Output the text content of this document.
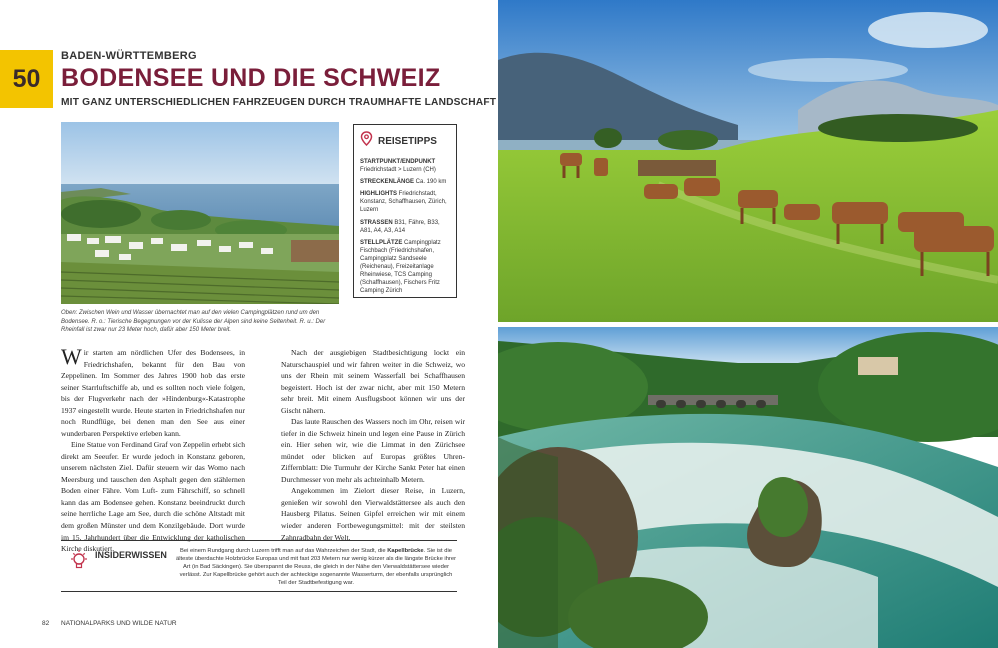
50
BADEN-WÜRTTEMBERG
BODENSEE UND DIE SCHWEIZ
MIT GANZ UNTERSCHIEDLICHEN FAHRZEUGEN DURCH TRAUMHAFTE LANDSCHAFT
Oben: Zwischen Wein und Wasser übernachtet man auf den vielen Campingplätzen rund um den Bodensee. R. o.: Tierische Begegnungen vor der Kulisse der Alpen sind keine Seltenheit. R. u.: Der Rheinfall ist zwar nur 23 Meter hoch, dafür aber 150 Meter breit.
REISETIPPS
STARTPUNKT/ENDPUNKT Friedrichstadt > Luzern (CH)
STRECKENLÄNGE Ca. 190 km
HIGHLIGHTS Friedrichstadt, Konstanz, Schaffhausen, Zürich, Luzern
STRASSEN B31, Fähre, B33, A81, A4, A3, A14
STELLPLÄTZE Campingplatz Fischbach (Friedrichshafen, Campingplatz Sandseele (Reichenau), Freizeitanlage Rheinwiese, TCS Camping (Schaffhausen), Fischers Fritz Camping Zürich

Wir starten am nördlichen Ufer des Bodensees, in Friedrichshafen, bekannt für den Bau von Zeppelinen. Im Sommer des Jahres 1900 hob das erste seiner Starrluftschiffe ab, und es sollten noch viele folgen, bis der Flugverkehr nach der »Hindenburg«-Katastrophe 1937 eingestellt wurde. Heute starten in Friedrichshafen nur noch Rundflüge, bei denen man den See aus einer wunderbaren Perspektive erleben kann.

Eine Statue von Ferdinand Graf von Zeppelin erhebt sich direkt am Seeufer. Er wurde jedoch in Konstanz geboren, unserem nächsten Ziel. Dafür steuern wir das Womo nach Meersburg und tauschen den Asphalt gegen den stählernen Boden einer Fähre. Vom Luft- zum Fährschiff, so schnell kann das am Bodensee gehen. Konstanz beeindruckt durch seine herrliche Lage am See, durch die schöne Altstadt mit dem großen Münster und dem Konzilgebäude. Dort wurde im 15. Jahrhundert über die Entwicklung der katholischen Kirche diskutiert.

Nach der ausgiebigen Stadtbesichtigung lockt ein Naturschauspiel und wir fahren weiter in die Schweiz, wo uns der Rhein mit seinem Wasserfall bei Schaffhausen begeistert. Hoch ist der zwar nicht, aber mit 150 Metern sehr breit. Mit einem Ausflugsboot können wir uns der Gischt nähern.

Das laute Rauschen des Wassers noch im Ohr, reisen wir tiefer in die Schweiz hinein und legen eine Pause in Zürich ein. Hier sehen wir, wie die Limmat in den Zürichsee mündet oder blicken auf Europas größtes Uhren-Ziffernblatt: Die Turmuhr der Kirche Sankt Peter hat einen Durchmesser von mehr als achteinhalb Metern.

Angekommen im Zielort dieser Reise, in Luzern, genießen wir sowohl den Vierwaldstättersee als auch den Hausberg Pilatus. Seinen Gipfel erreichen wir mit einem wieder anderen Fortbewegungsmittel: mit der steilsten Zahnradbahn der Welt.

INSIDERWISSEN	Bei einem Rundgang durch Luzern trifft man auf das Wahrzeichen der Stadt, die Kapellbrücke. Sie ist die älteste überdachte Holzbrücke Europas und mit fast 203 Metern nur wenig kürzer als die längste Brücke ihrer Art (in Bad Säckingen). Sie überspannt die Reuss, die gleich in der Nähe den Vierwaldstättersee wieder verlässt. Zur Kapellbrücke gehört auch der achteckige sogenannte Wasserturm, der ebenfalls ursprünglich Teil der Stadtbefestigung war.
82 NATIONALPARKS UND WILDE NATUR
